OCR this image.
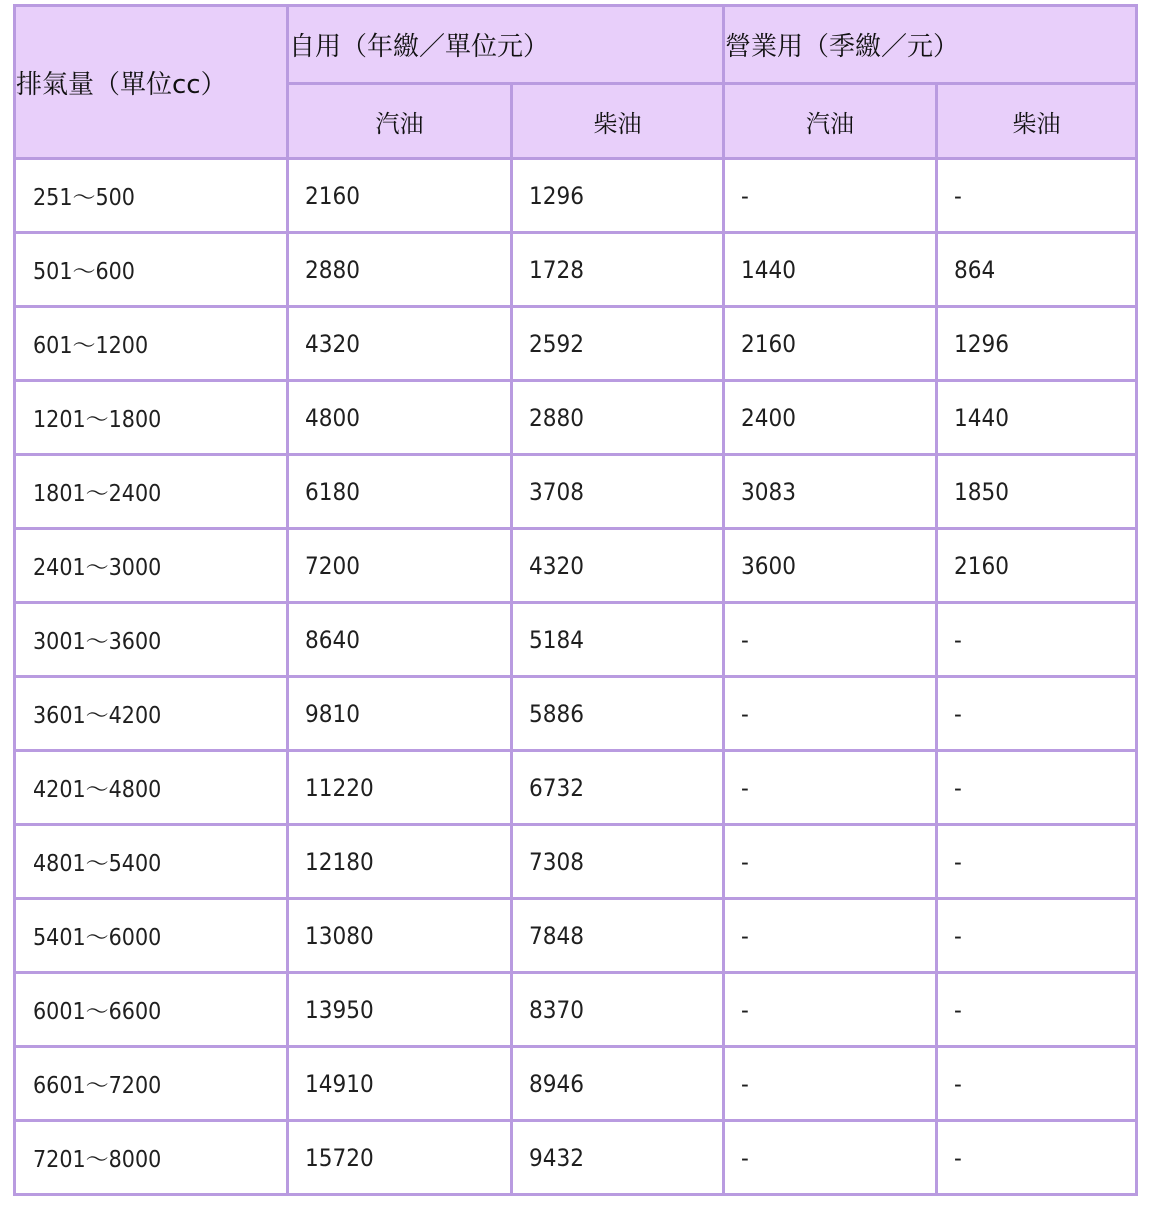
排氣量（單位cc）	自用（年繳／單位元）		營業用（季繳／元）	
	汽油	柴油	汽油	柴油
251～500	2160	1296	-	-
501～600	2880	1728	1440	864
601～1200	4320	2592	2160	1296
1201～1800	4800	2880	2400	1440
1801～2400	6180	3708	3083	1850
2401～3000	7200	4320	3600	2160
3001～3600	8640	5184	-	-
3601～4200	9810	5886	-	-
4201～4800	11220	6732	-	-
4801～5400	12180	7308	-	-
5401～6000	13080	7848	-	-
6001～6600	13950	8370	-	-
6601～7200	14910	8946	-	-
7201～8000	15720	9432	-	-
